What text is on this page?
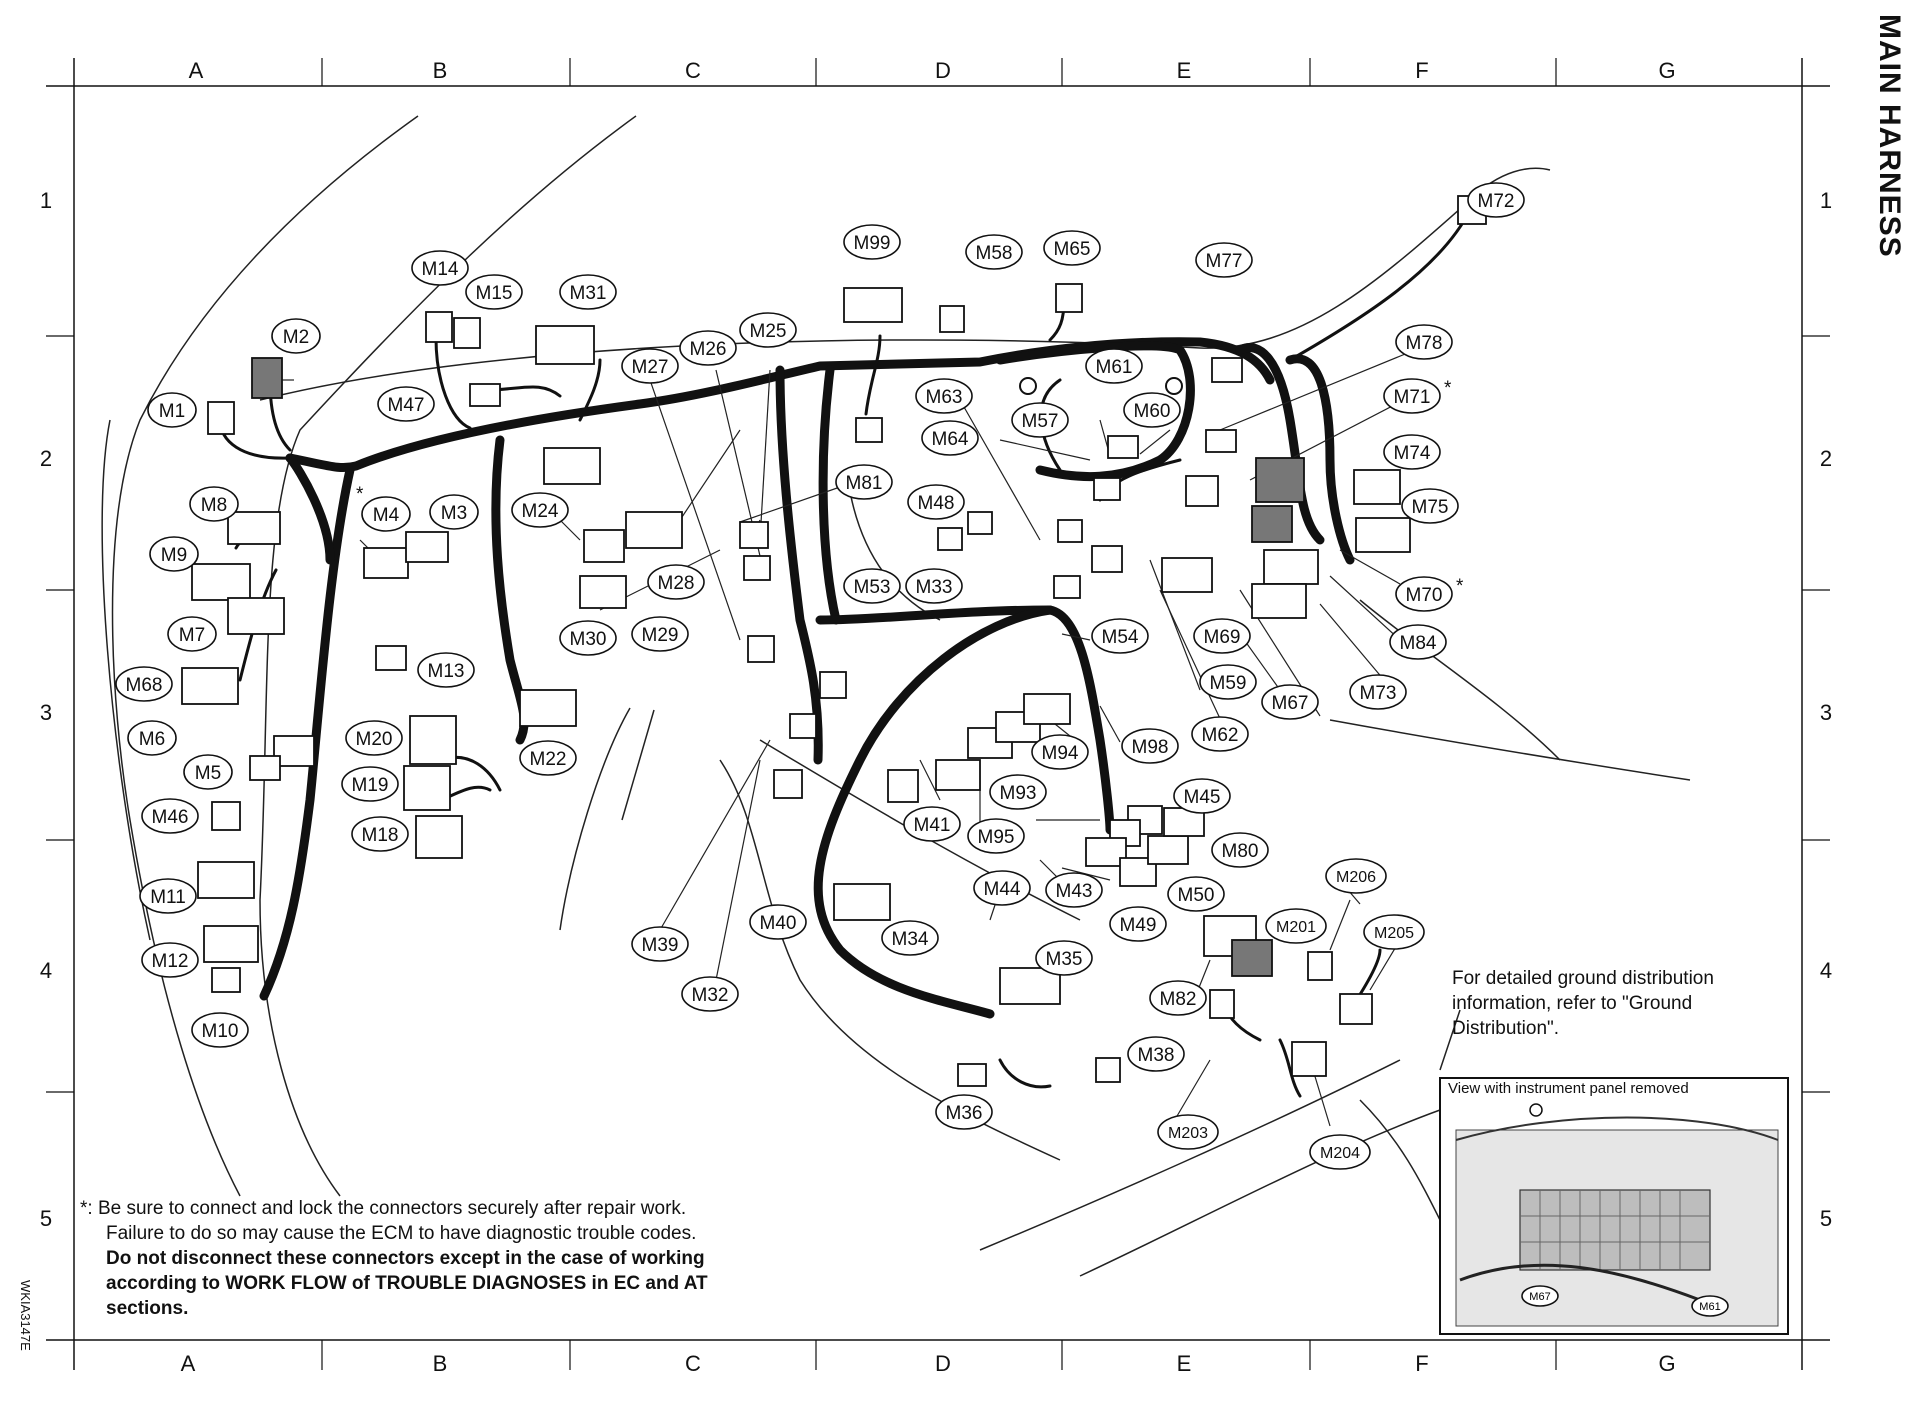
A	B	C	D	E	F	G
A	B	C	D	E	F	G
1
2
3
4
5
1
2
3
4
5
M1
M2
M8
M9
M7
M68
M6
M5
M46
M11
M12
M10
M14
M15	M31
M47
M4 M3	M24
M13
M20
M19
M18
M22
M27
M26
M25
M28
M29
M30
M99	M58 M65
M77
M72
M61
M60
M57
M63
M64
M81
M48
M53 M33
M54
M78
M71 *
M74
M75
M70 *
M84
M73
M69
M59
M67
M62
M98
M94
M93
M95
M41
M45
M80
M50
M49
M43
M44
M39
M40
M32
M34
M35
M36
M38
M82
M201
M206
M205
M203
M204
*
M67
M61
MAIN HARNESS
WKIA3147E
View with instrument panel removed
For detailed ground distribution information, refer to "Ground Distribution".
*: Be sure to connect and lock the connectors securely after repair work.
Failure to do so may cause the ECM to have diagnostic trouble codes.
Do not disconnect these connectors except in the case of working
according to WORK FLOW of TROUBLE DIAGNOSES in EC and AT
sections.
